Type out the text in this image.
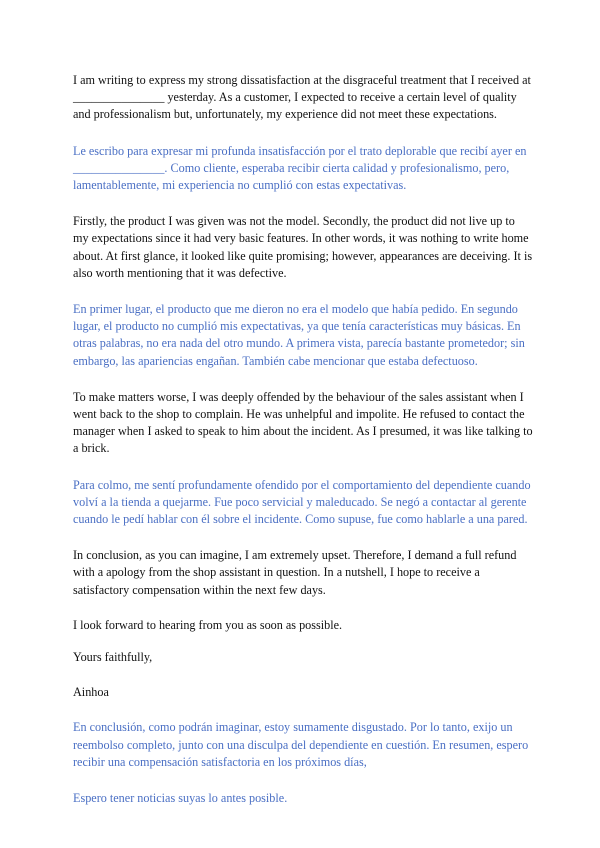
I am writing to express my strong dissatisfaction at the disgraceful treatment that I received at _______________ yesterday. As a customer, I expected to receive a certain level of quality and professionalism but, unfortunately, my experience did not meet these expectations.

Le escribo para expresar mi profunda insatisfacción por el trato deplorable que recibí ayer en _______________. Como cliente, esperaba recibir cierta calidad y profesionalismo, pero, lamentablemente, mi experiencia no cumplió con estas expectativas.

Firstly, the product I was given was not the model. Secondly, the product did not live up to my expectations since it had very basic features. In other words, it was nothing to write home about. At first glance, it looked like quite promising; however, appearances are deceiving. It is also worth mentioning that it was defective.

En primer lugar, el producto que me dieron no era el modelo que había pedido. En segundo lugar, el producto no cumplió mis expectativas, ya que tenía características muy básicas. En otras palabras, no era nada del otro mundo. A primera vista, parecía bastante prometedor; sin embargo, las apariencias engañan. También cabe mencionar que estaba defectuoso.

To make matters worse, I was deeply offended by the behaviour of the sales assistant when I went back to the shop to complain. He was unhelpful and impolite. He refused to contact the manager when I asked to speak to him about the incident. As I presumed, it was like talking to a brick.

Para colmo, me sentí profundamente ofendido por el comportamiento del dependiente cuando volví a la tienda a quejarme. Fue poco servicial y maleducado. Se negó a contactar al gerente cuando le pedí hablar con él sobre el incidente. Como supuse, fue como hablarle a una pared.

In conclusion, as you can imagine, I am extremely upset. Therefore, I demand a full refund with a apology from the shop assistant in question. In a nutshell, I hope to receive a satisfactory compensation within the next few days.

I look forward to hearing from you as soon as possible.

Yours faithfully,

Ainhoa

En conclusión, como podrán imaginar, estoy sumamente disgustado. Por lo tanto, exijo un reembolso completo, junto con una disculpa del dependiente en cuestión. En resumen, espero recibir una compensación satisfactoria en los próximos días,

Espero tener noticias suyas lo antes posible.
